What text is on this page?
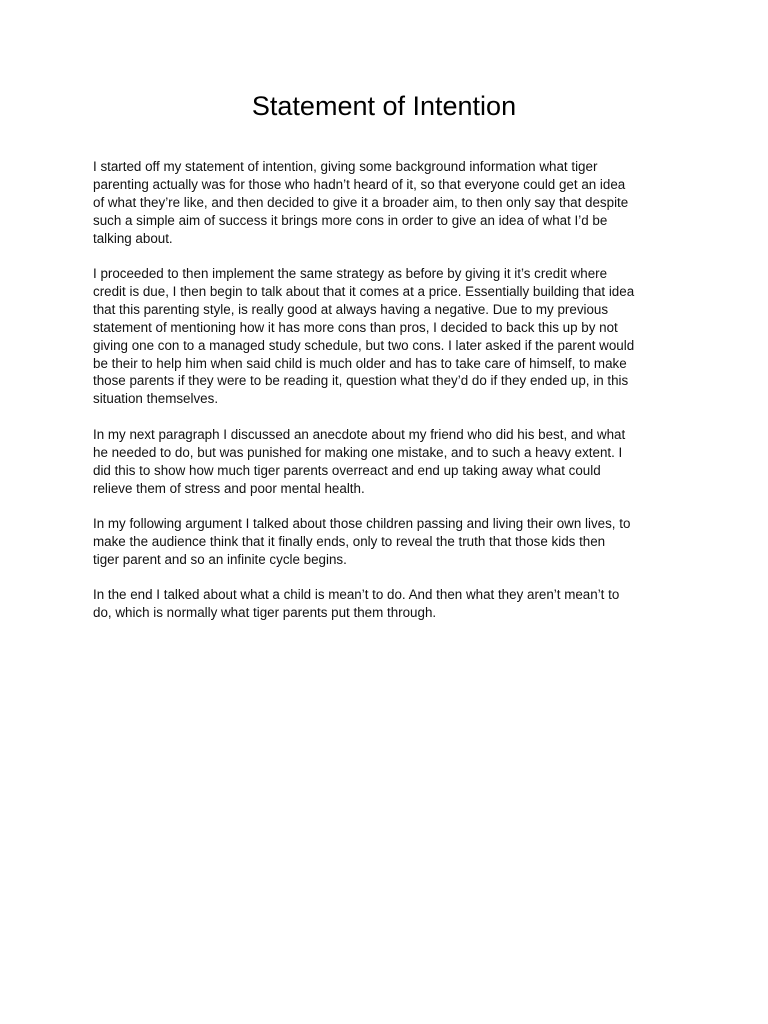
Statement of Intention

I started off my statement of intention, giving some background information what tiger
parenting actually was for those who hadn’t heard of it, so that everyone could get an idea
of what they’re like, and then decided to give it a broader aim, to then only say that despite
such a simple aim of success it brings more cons in order to give an idea of what I’d be
talking about.

I proceeded to then implement the same strategy as before by giving it it’s credit where
credit is due, I then begin to talk about that it comes at a price. Essentially building that idea
that this parenting style, is really good at always having a negative. Due to my previous
statement of mentioning how it has more cons than pros, I decided to back this up by not
giving one con to a managed study schedule, but two cons. I later asked if the parent would
be their to help him when said child is much older and has to take care of himself, to make
those parents if they were to be reading it, question what they’d do if they ended up, in this
situation themselves.

In my next paragraph I discussed an anecdote about my friend who did his best, and what
he needed to do, but was punished for making one mistake, and to such a heavy extent. I
did this to show how much tiger parents overreact and end up taking away what could
relieve them of stress and poor mental health.

In my following argument I talked about those children passing and living their own lives, to
make the audience think that it finally ends, only to reveal the truth that those kids then
tiger parent and so an infinite cycle begins.

In the end I talked about what a child is mean’t to do. And then what they aren’t mean’t to
do, which is normally what tiger parents put them through.
